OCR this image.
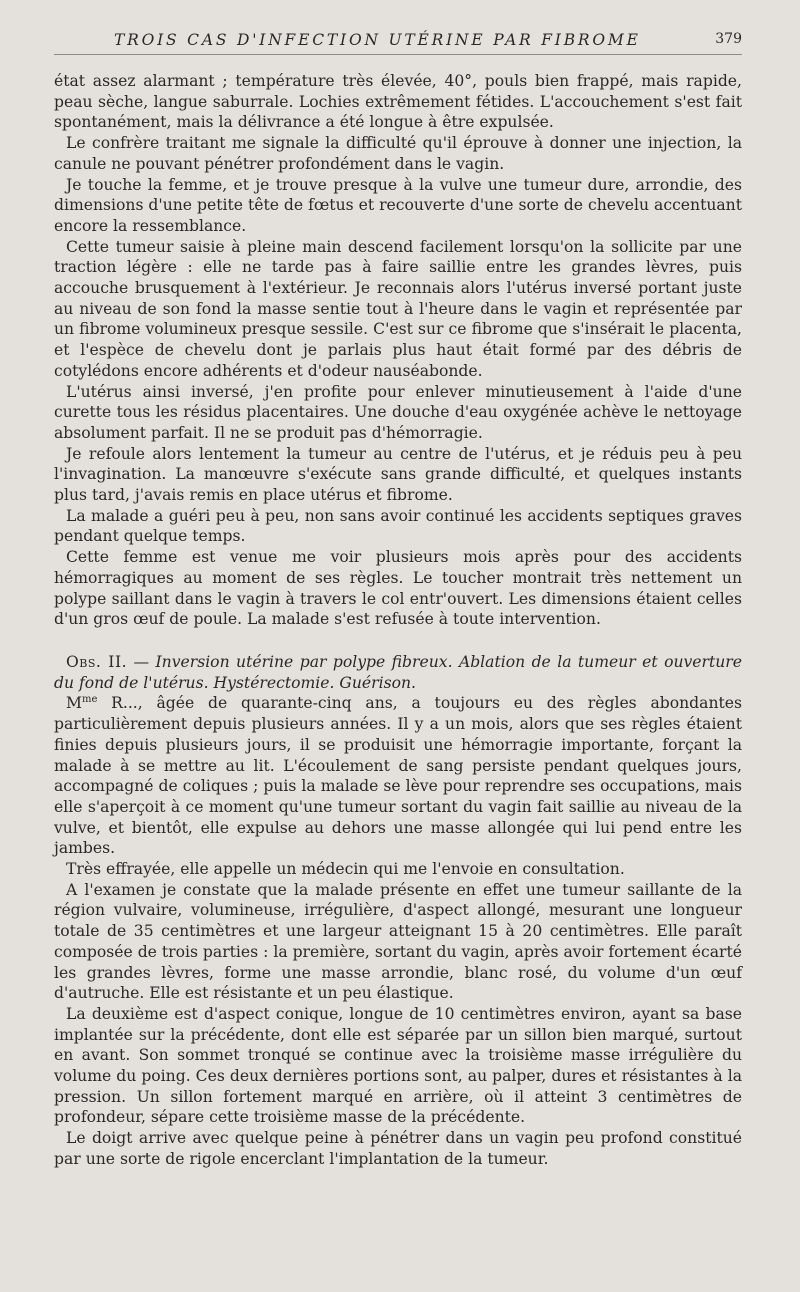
TROIS CAS D'INFECTION UTÉRINE PAR FIBROME	379

état assez alarmant ; température très élevée, 40°, pouls bien frappé, mais rapide, peau sèche, langue saburrale. Lochies extrêmement fétides. L'accouchement s'est fait spontanément, mais la délivrance a été longue à être expulsée.

Le confrère traitant me signale la difficulté qu'il éprouve à donner une injection, la canule ne pouvant pénétrer profondément dans le vagin.

Je touche la femme, et je trouve presque à la vulve une tumeur dure, arrondie, des dimensions d'une petite tête de fœtus et recouverte d'une sorte de chevelu accentuant encore la ressemblance.

Cette tumeur saisie à pleine main descend facilement lorsqu'on la sollicite par une traction légère : elle ne tarde pas à faire saillie entre les grandes lèvres, puis accouche brusquement à l'extérieur. Je reconnais alors l'utérus inversé portant juste au niveau de son fond la masse sentie tout à l'heure dans le vagin et représentée par un fibrome volumineux presque sessile. C'est sur ce fibrome que s'insérait le placenta, et l'espèce de chevelu dont je parlais plus haut était formé par des débris de cotylédons encore adhérents et d'odeur nauséabonde.

L'utérus ainsi inversé, j'en profite pour enlever minutieusement à l'aide d'une curette tous les résidus placentaires. Une douche d'eau oxygénée achève le nettoyage absolument parfait. Il ne se produit pas d'hémorragie.

Je refoule alors lentement la tumeur au centre de l'utérus, et je réduis peu à peu l'invagination. La manœuvre s'exécute sans grande difficulté, et quelques instants plus tard, j'avais remis en place utérus et fibrome.

La malade a guéri peu à peu, non sans avoir continué les accidents septiques graves pendant quelque temps.

Cette femme est venue me voir plusieurs mois après pour des accidents hémorragiques au moment de ses règles. Le toucher montrait très nettement un polype saillant dans le vagin à travers le col entr'ouvert. Les dimensions étaient celles d'un gros œuf de poule. La malade s'est refusée à toute intervention.

Obs. II. — Inversion utérine par polype fibreux. Ablation de la tumeur et ouverture du fond de l'utérus. Hystérectomie. Guérison.

$M^{me}$ R..., âgée de quarante-cinq ans, a toujours eu des règles abondantes particulièrement depuis plusieurs années. Il y a un mois, alors que ses règles étaient finies depuis plusieurs jours, il se produisit une hémorragie importante, forçant la malade à se mettre au lit. L'écoulement de sang persiste pendant quelques jours, accompagné de coliques ; puis la malade se lève pour reprendre ses occupations, mais elle s'aperçoit à ce moment qu'une tumeur sortant du vagin fait saillie au niveau de la vulve, et bientôt, elle expulse au dehors une masse allongée qui lui pend entre les jambes.

Très effrayée, elle appelle un médecin qui me l'envoie en consultation.

A l'examen je constate que la malade présente en effet une tumeur saillante de la région vulvaire, volumineuse, irrégulière, d'aspect allongé, mesurant une longueur totale de 35 centimètres et une largeur atteignant 15 à 20 centimètres. Elle paraît composée de trois parties : la première, sortant du vagin, après avoir fortement écarté les grandes lèvres, forme une masse arrondie, blanc rosé, du volume d'un œuf d'autruche. Elle est résistante et un peu élastique.

La deuxième est d'aspect conique, longue de 10 centimètres environ, ayant sa base implantée sur la précédente, dont elle est séparée par un sillon bien marqué, surtout en avant. Son sommet tronqué se continue avec la troisième masse irrégulière du volume du poing. Ces deux dernières portions sont, au palper, dures et résistantes à la pression. Un sillon fortement marqué en arrière, où il atteint 3 centimètres de profondeur, sépare cette troisième masse de la précédente.

Le doigt arrive avec quelque peine à pénétrer dans un vagin peu profond constitué par une sorte de rigole encerclant l'implantation de la tumeur.
